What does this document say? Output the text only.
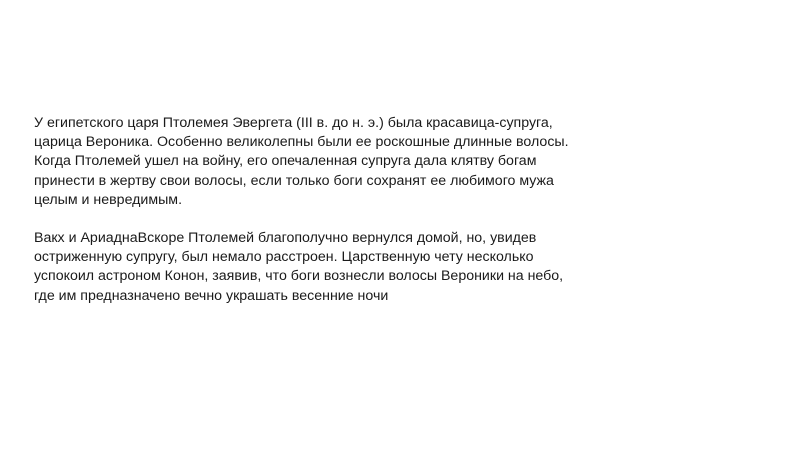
У египетского царя Птолемея Эвергета (III в. до н. э.) была красавица-супруга,
царица Вероника. Особенно великолепны были ее роскошные длинные волосы.
Когда Птолемей ушел на войну, его опечаленная супруга дала клятву богам
принести в жертву свои волосы, если только боги сохранят ее любимого мужа
целым и невредимым.

Вакх и АриаднаВскоре Птолемей благополучно вернулся домой, но, увидев
остриженную супругу, был немало расстроен. Царственную чету несколько
успокоил астроном Конон, заявив, что боги вознесли волосы Вероники на небо,
где им предназначено вечно украшать весенние ночи
